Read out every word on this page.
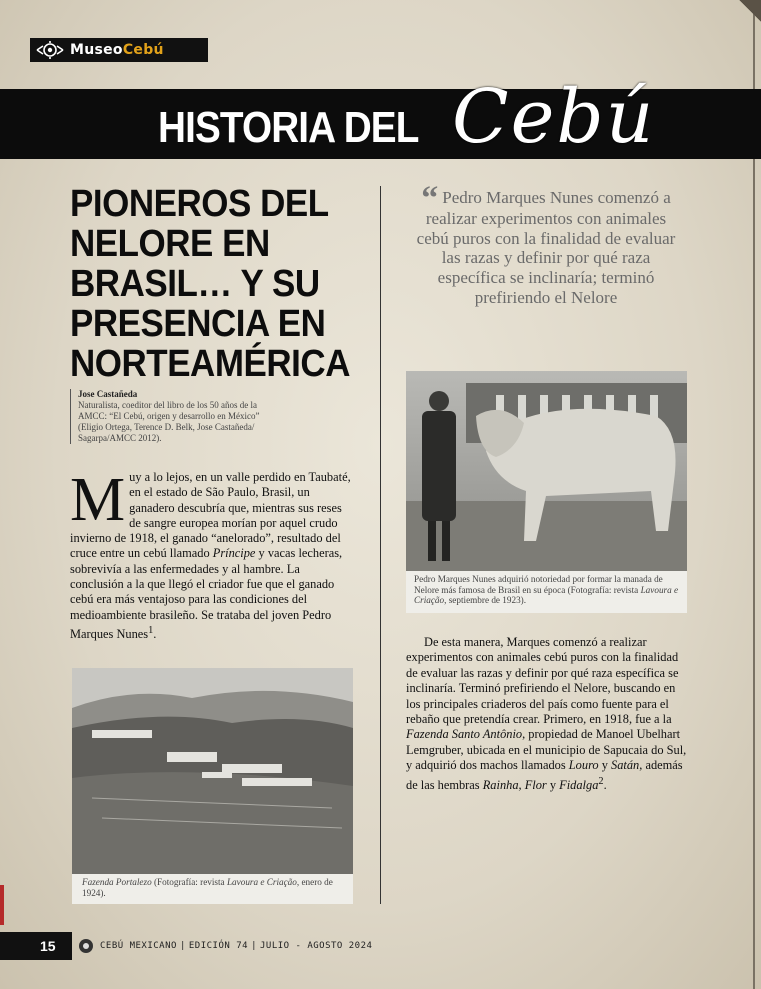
MuseoCebú
HISTORIA DEL Cebú
PIONEROS DEL
NELORE EN
BRASIL… Y SU
PRESENCIA EN
NORTEAMÉRICA
Jose Castañeda
Naturalista, coeditor del libro de los 50 años de la AMCC: “El Cebú, origen y desarrollo en México” (Eligio Ortega, Terence D. Belk, Jose Castañeda/ Sagarpa/AMCC 2012).

Muy a lo lejos, en un valle perdido en Taubaté, en el estado de São Paulo, Brasil, un ganadero descubría que, mientras sus reses de sangre europea morían por aquel crudo invierno de 1918, el ganado “anelorado”, resultado del cruce entre un cebú llamado Príncipe y vacas lecheras, sobrevivía a las enfermedades y al hambre. La conclusión a la que llegó el criador fue que el ganado cebú era más ventajoso para las condiciones del medioambiente brasileño. Se trataba del joven Pedro Marques Nunes$^1$.

“ Pedro Marques Nunes comenzó a realizar experimentos con animales cebú puros con la finalidad de evaluar las razas y definir por qué raza específica se inclinaría; terminó prefiriendo el Nelore
Pedro Marques Nunes adquirió notoriedad por formar la manada de Nelore más famosa de Brasil en su época (Fotografía: revista Lavoura e Criação, septiembre de 1923).

De esta manera, Marques comenzó a realizar experimentos con animales cebú puros con la finalidad de evaluar las razas y definir por qué raza específica se inclinaría. Terminó prefiriendo el Nelore, buscando en los principales criaderos del país como fuente para el rebaño que pretendía crear. Primero, en 1918, fue a la Fazenda Santo Antônio, propiedad de Manoel Ubelhart Lemgruber, ubicada en el municipio de Sapucaia do Sul, y adquirió dos machos llamados Louro y Satán, además de las hembras Rainha, Flor y Fidalga$^2$.

Fazenda Portalezo (Fotografía: revista Lavoura e Criação, enero de 1924).
15	CEBÚ MEXICANO | EDICIÓN 74 | JULIO - AGOSTO 2024
